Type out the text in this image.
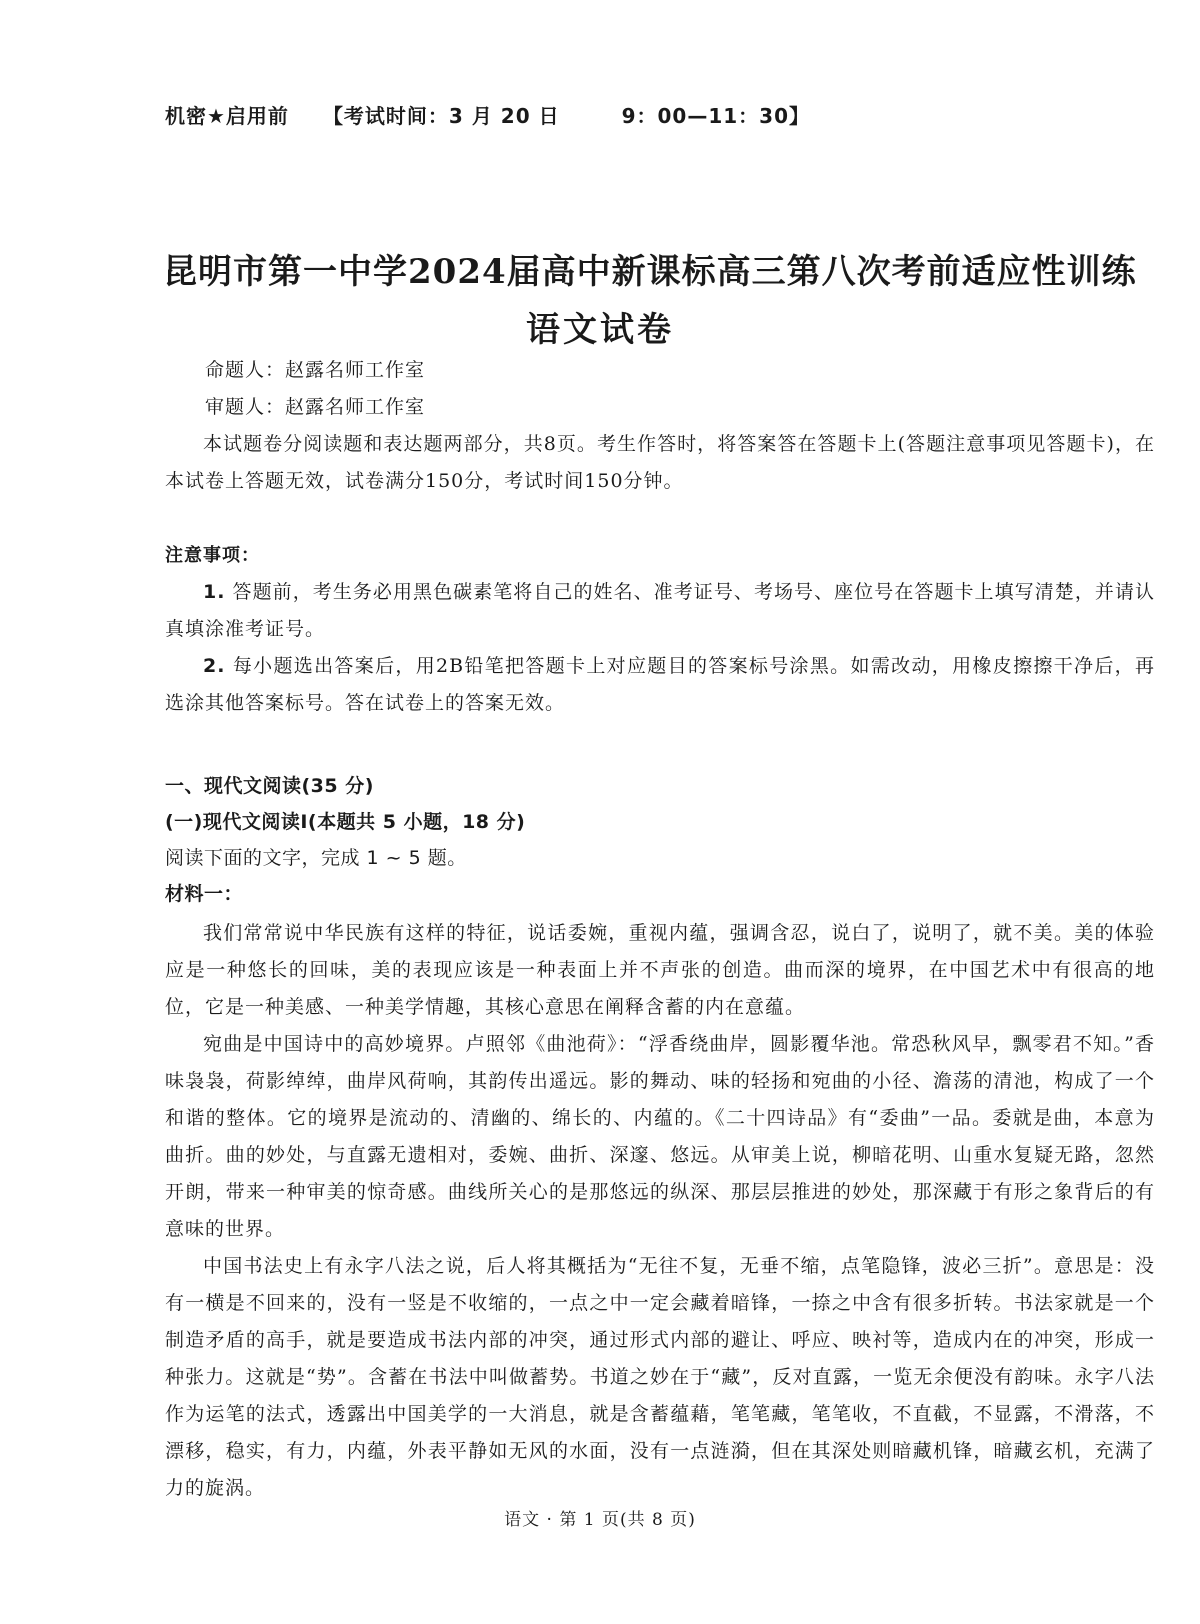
机密★启用前 【考试时间：3 月 20 日	9：00—11：30】
昆明市第一中学2024届高中新课标高三第八次考前适应性训练
语文试卷

命题人：赵露名师工作室

审题人：赵露名师工作室

本试题卷分阅读题和表达题两部分，共8页。考生作答时，将答案答在答题卡上(答题注意事项见答题卡)，在本试卷上答题无效，试卷满分150分，考试时间150分钟。

注意事项：

1. 答题前，考生务必用黑色碳素笔将自己的姓名、准考证号、考场号、座位号在答题卡上填写清楚，并请认真填涂准考证号。

2. 每小题选出答案后，用2B铅笔把答题卡上对应题目的答案标号涂黑。如需改动，用橡皮擦擦干净后，再选涂其他答案标号。答在试卷上的答案无效。

一、现代文阅读(35 分)

(一)现代文阅读Ⅰ(本题共 5 小题，18 分)

阅读下面的文字，完成 1 ~ 5 题。

材料一：

我们常常说中华民族有这样的特征，说话委婉，重视内蕴，强调含忍，说白了，说明了，就不美。美的体验应是一种悠长的回味，美的表现应该是一种表面上并不声张的创造。曲而深的境界，在中国艺术中有很高的地位，它是一种美感、一种美学情趣，其核心意思在阐释含蓄的内在意蕴。

宛曲是中国诗中的高妙境界。卢照邻《曲池荷》：“浮香绕曲岸，圆影覆华池。常恐秋风早，飘零君不知。”香味袅袅，荷影绰绰，曲岸风荷响，其韵传出遥远。影的舞动、味的轻扬和宛曲的小径、澹荡的清池，构成了一个和谐的整体。它的境界是流动的、清幽的、绵长的、内蕴的。《二十四诗品》有“委曲”一品。委就是曲，本意为曲折。曲的妙处，与直露无遗相对，委婉、曲折、深邃、悠远。从审美上说，柳暗花明、山重水复疑无路，忽然开朗，带来一种审美的惊奇感。曲线所关心的是那悠远的纵深、那层层推进的妙处，那深藏于有形之象背后的有意味的世界。

中国书法史上有永字八法之说，后人将其概括为“无往不复，无垂不缩，点笔隐锋，波必三折”。意思是：没有一横是不回来的，没有一竖是不收缩的，一点之中一定会藏着暗锋，一捺之中含有很多折转。书法家就是一个制造矛盾的高手，就是要造成书法内部的冲突，通过形式内部的避让、呼应、映衬等，造成内在的冲突，形成一种张力。这就是“势”。含蓄在书法中叫做蓄势。书道之妙在于“藏”，反对直露，一览无余便没有韵味。永字八法作为运笔的法式，透露出中国美学的一大消息，就是含蓄蕴藉，笔笔藏，笔笔收，不直截，不显露，不滑落，不漂移，稳实，有力，内蕴，外表平静如无风的水面，没有一点涟漪，但在其深处则暗藏机锋，暗藏玄机，充满了力的旋涡。

语文 · 第 1 页(共 8 页)
